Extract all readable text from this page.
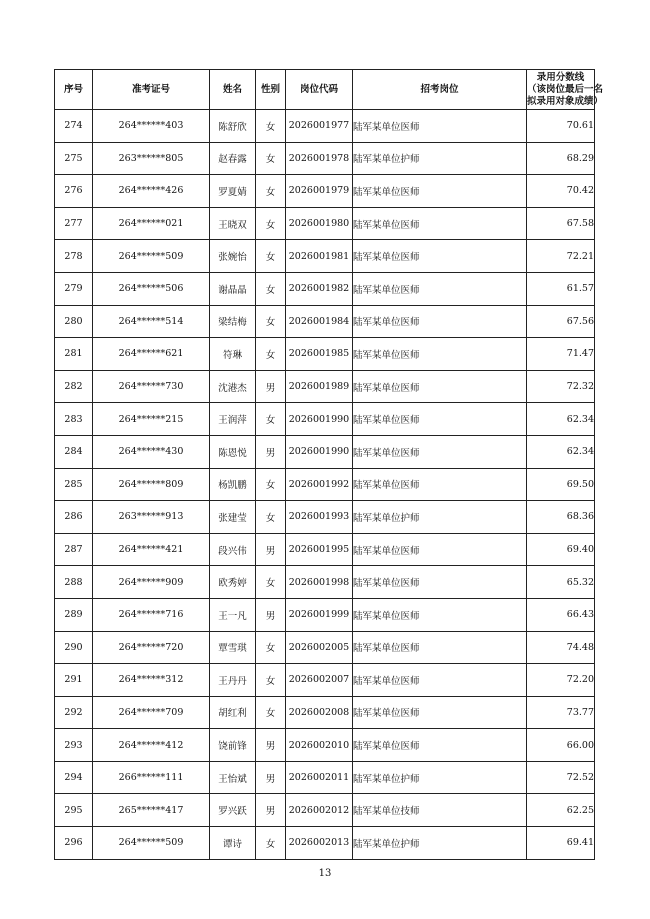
序号	准考证号	姓名	性别	岗位代码	招考岗位	录用分数线
（该岗位最后一名
拟录用对象成绩）

274	264******403	陈舒欣	女	2026001977	陆军某单位医师	70.61
275	263******805	赵春露	女	2026001978	陆军某单位护师	68.29
276	264******426	罗夏婧	女	2026001979	陆军某单位医师	70.42
277	264******021	王晓双	女	2026001980	陆军某单位医师	67.58
278	264******509	张婉怡	女	2026001981	陆军某单位医师	72.21
279	264******506	谢晶晶	女	2026001982	陆军某单位医师	61.57
280	264******514	梁结梅	女	2026001984	陆军某单位医师	67.56
281	264******621	符琳	女	2026001985	陆军某单位医师	71.47
282	264******730	沈港杰	男	2026001989	陆军某单位医师	72.32
283	264******215	王润萍	女	2026001990	陆军某单位医师	62.34
284	264******430	陈恩悦	男	2026001990	陆军某单位医师	62.34
285	264******809	杨凯鹏	女	2026001992	陆军某单位医师	69.50
286	263******913	张建莹	女	2026001993	陆军某单位护师	68.36
287	264******421	段兴伟	男	2026001995	陆军某单位医师	69.40
288	264******909	欧秀婷	女	2026001998	陆军某单位医师	65.32
289	264******716	王一凡	男	2026001999	陆军某单位医师	66.43
290	264******720	覃雪琪	女	2026002005	陆军某单位医师	74.48
291	264******312	王丹丹	女	2026002007	陆军某单位医师	72.20
292	264******709	胡红利	女	2026002008	陆军某单位医师	73.77
293	264******412	饶前锋	男	2026002010	陆军某单位医师	66.00
294	266******111	王怡斌	男	2026002011	陆军某单位护师	72.52
295	265******417	罗兴跃	男	2026002012	陆军某单位技师	62.25
296	264******509	谭诗	女	2026002013	陆军某单位护师	69.41
13
